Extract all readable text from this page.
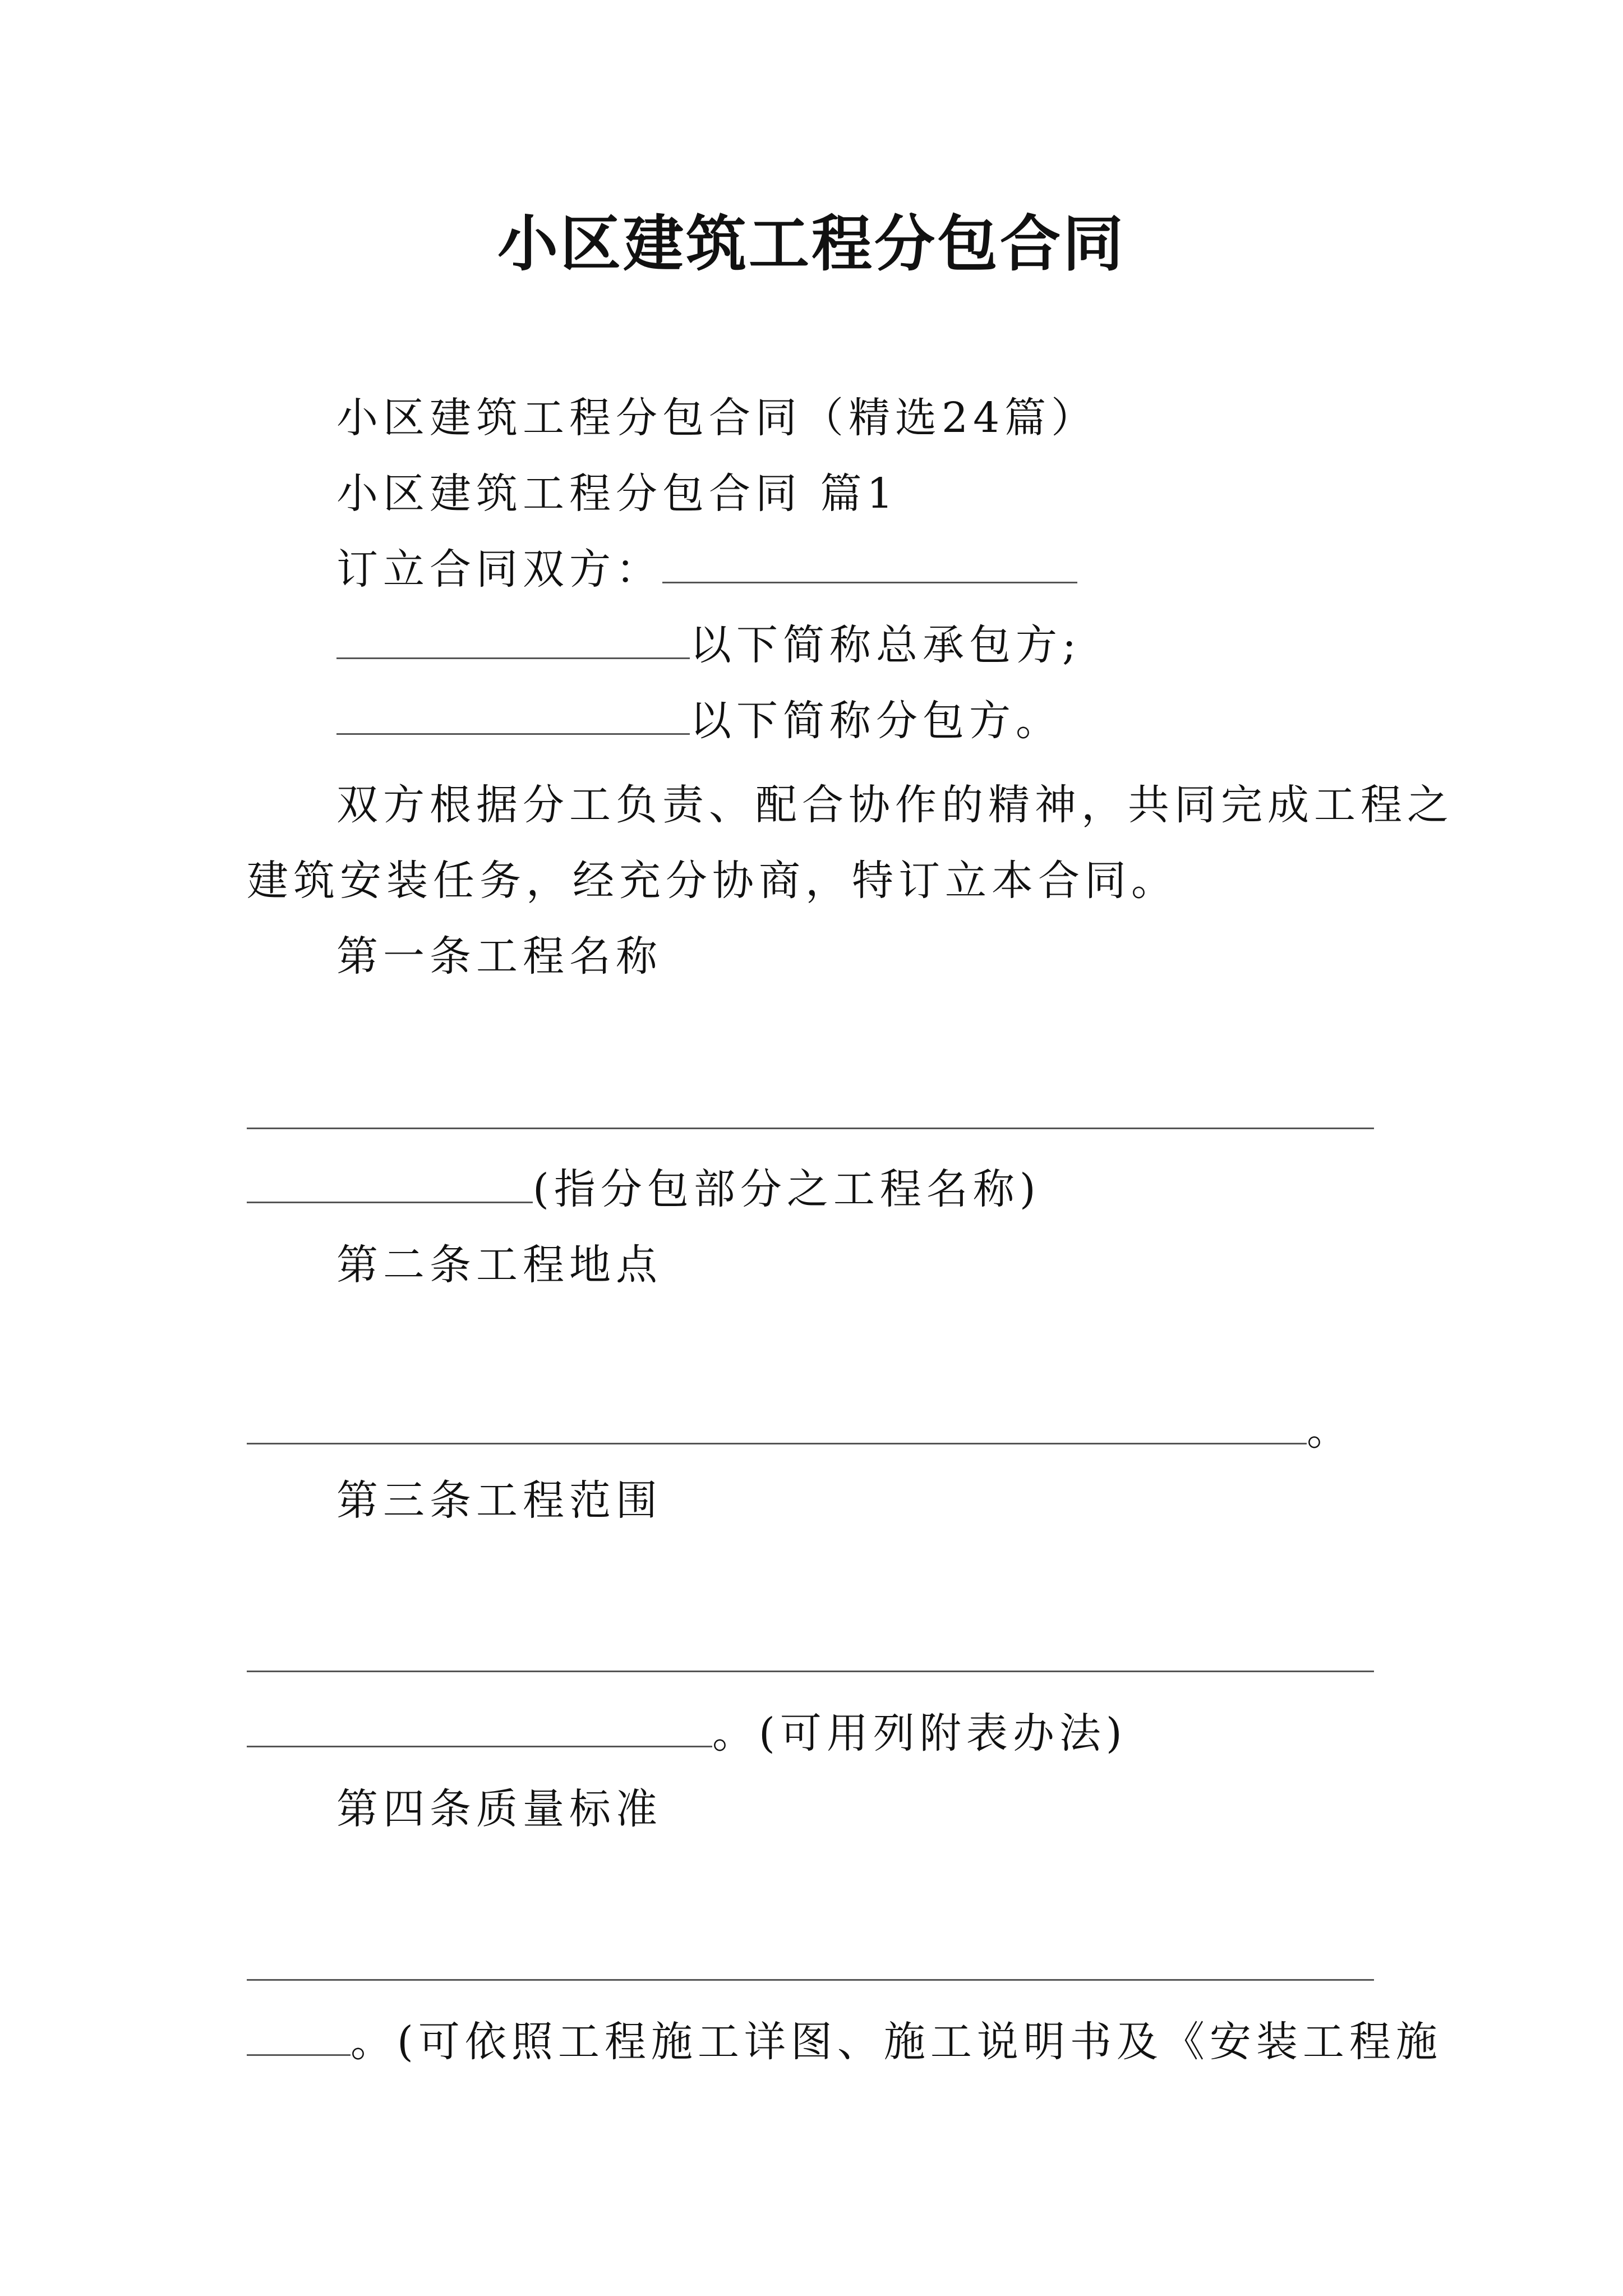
小区建筑工程分包合同
小区建筑工程分包合同（精选24篇）
小区建筑工程分包合同 篇1
订立合同双方：
以下简称总承包方;
以下简称分包方。
双方根据分工负责、配合协作的精神，共同完成工程之
建筑安装任务，经充分协商，特订立本合同。
第一条工程名称
(指分包部分之工程名称)
第二条工程地点
。
第三条工程范围
。(可用列附表办法)
第四条质量标准
。(可依照工程施工详图、施工说明书及《安装工程施
